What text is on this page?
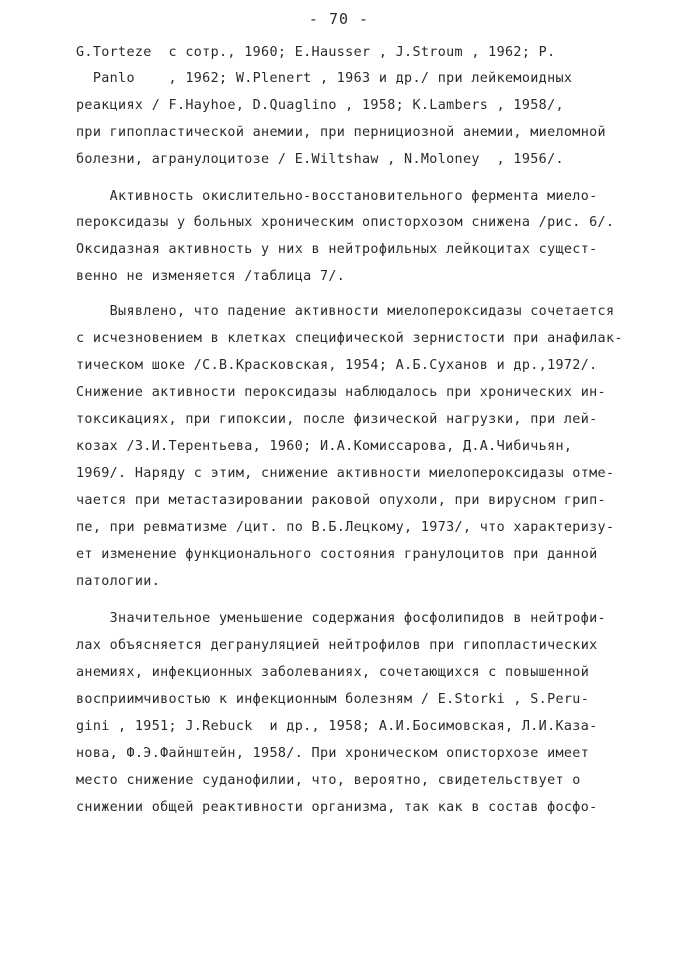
- 70 -
G.Torteze  с сотр., 1960; E.Hausser , J.Stroum , 1962; P.
Panlo    , 1962; W.Plenert , 1963 и др./ при лейкемоидных
реакциях / F.Hayhoe, D.Quaglino , 1958; K.Lambers , 1958/,
при гипопластической анемии, при пернициозной анемии, миеломной
болезни, агранулоцитозе / E.Wiltshaw , N.Moloney  , 1956/.
Активность окислительно-восстановительного фермента миело-
пероксидазы у больных хроническим описторхозом снижена /рис. 6/.
Оксидазная активность у них в нейтрофильных лейкоцитах сущест-
венно не изменяется /таблица 7/.
Выявлено, что падение активности миелопероксидазы сочетается
с исчезновением в клетках специфической зернистости при анафилак-
тическом шоке /С.В.Красковская, 1954; А.Б.Суханов и др.,1972/.
Снижение активности пероксидазы наблюдалось при хронических ин-
токсикациях, при гипоксии, после физической нагрузки, при лей-
козах /З.И.Терентьева, 1960; И.А.Комиссарова, Д.А.Чибичьян,
1969/. Наряду с этим, снижение активности миелопероксидазы отме-
чается при метастазировании раковой опухоли, при вирусном грип-
пе, при ревматизме /цит. по В.Б.Лецкому, 1973/, что характеризу-
ет изменение функционального состояния гранулоцитов при данной
патологии.
Значительное уменьшение содержания фосфолипидов в нейтрофи-
лах объясняется дегрануляцией нейтрофилов при гипопластических
анемиях, инфекционных заболеваниях, сочетающихся с повышенной
восприимчивостью к инфекционным болезням / E.Storki , S.Peru-
gini , 1951; J.Rebuck  и др., 1958; А.И.Босимовская, Л.И.Каза-
нова, Ф.Э.Файнштейн, 1958/. При хроническом описторхозе имеет
место снижение суданофилии, что, вероятно, свидетельствует о
снижении общей реактивности организма, так как в состав фосфо-
